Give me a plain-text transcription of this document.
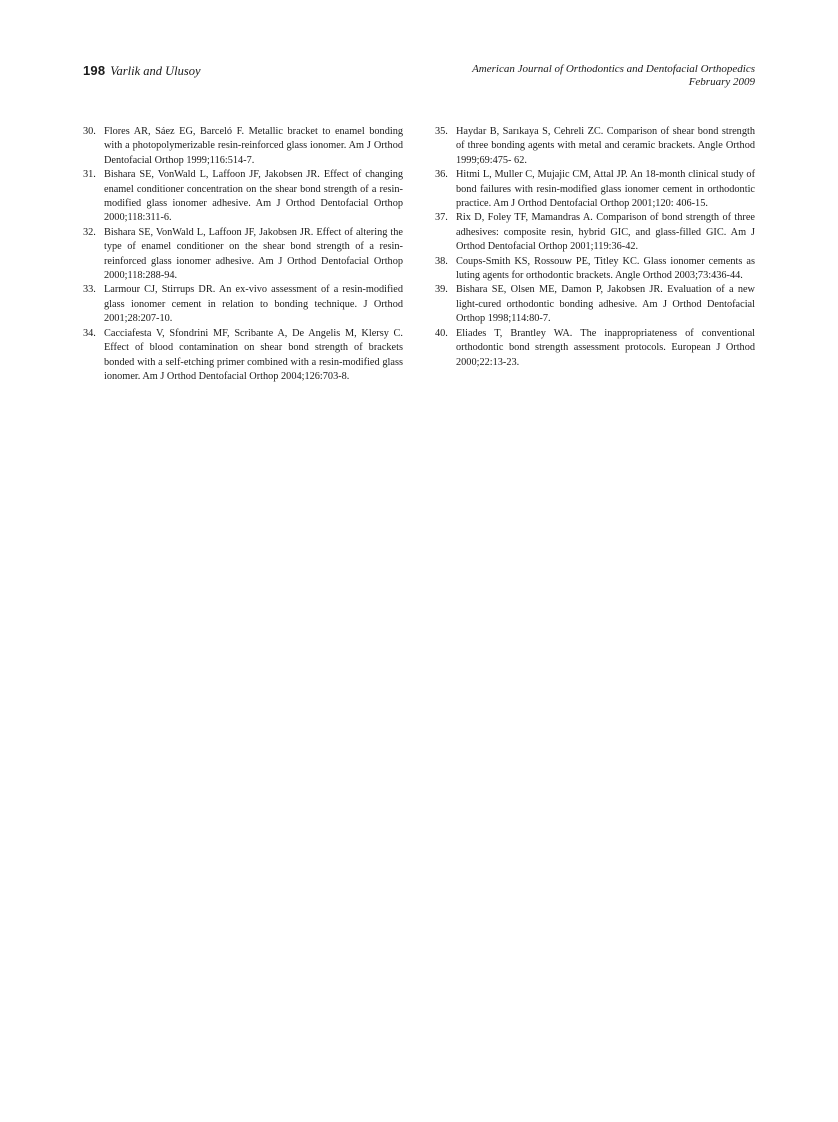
198 Varlik and Ulusoy	American Journal of Orthodontics and Dentofacial Orthopedics
February 2009
30. Flores AR, Sáez EG, Barceló F. Metallic bracket to enamel bonding with a photopolymerizable resin-reinforced glass ionomer. Am J Orthod Dentofacial Orthop 1999;116:514-7.
31. Bishara SE, VonWald L, Laffoon JF, Jakobsen JR. Effect of changing enamel conditioner concentration on the shear bond strength of a resin-modified glass ionomer adhesive. Am J Orthod Dentofacial Orthop 2000;118:311-6.
32. Bishara SE, VonWald L, Laffoon JF, Jakobsen JR. Effect of altering the type of enamel conditioner on the shear bond strength of a resin-reinforced glass ionomer adhesive. Am J Orthod Dentofacial Orthop 2000;118:288-94.
33. Larmour CJ, Stirrups DR. An ex-vivo assessment of a resin-modified glass ionomer cement in relation to bonding technique. J Orthod 2001;28:207-10.
34. Cacciafesta V, Sfondrini MF, Scribante A, De Angelis M, Klersy C. Effect of blood contamination on shear bond strength of brackets bonded with a self-etching primer combined with a resin-modified glass ionomer. Am J Orthod Dentofacial Orthop 2004;126:703-8.
35. Haydar B, Sarıkaya S, Cehreli ZC. Comparison of shear bond strength of three bonding agents with metal and ceramic brackets. Angle Orthod 1999;69:475- 62.
36. Hitmi L, Muller C, Mujajic CM, Attal JP. An 18-month clinical study of bond failures with resin-modified glass ionomer cement in orthodontic practice. Am J Orthod Dentofacial Orthop 2001;120: 406-15.
37. Rix D, Foley TF, Mamandras A. Comparison of bond strength of three adhesives: composite resin, hybrid GIC, and glass-filled GIC. Am J Orthod Dentofacial Orthop 2001;119:36-42.
38. Coups-Smith KS, Rossouw PE, Titley KC. Glass ionomer cements as luting agents for orthodontic brackets. Angle Orthod 2003;73:436-44.
39. Bishara SE, Olsen ME, Damon P, Jakobsen JR. Evaluation of a new light-cured orthodontic bonding adhesive. Am J Orthod Dentofacial Orthop 1998;114:80-7.
40. Eliades T, Brantley WA. The inappropriateness of conventional orthodontic bond strength assessment protocols. European J Orthod 2000;22:13-23.
